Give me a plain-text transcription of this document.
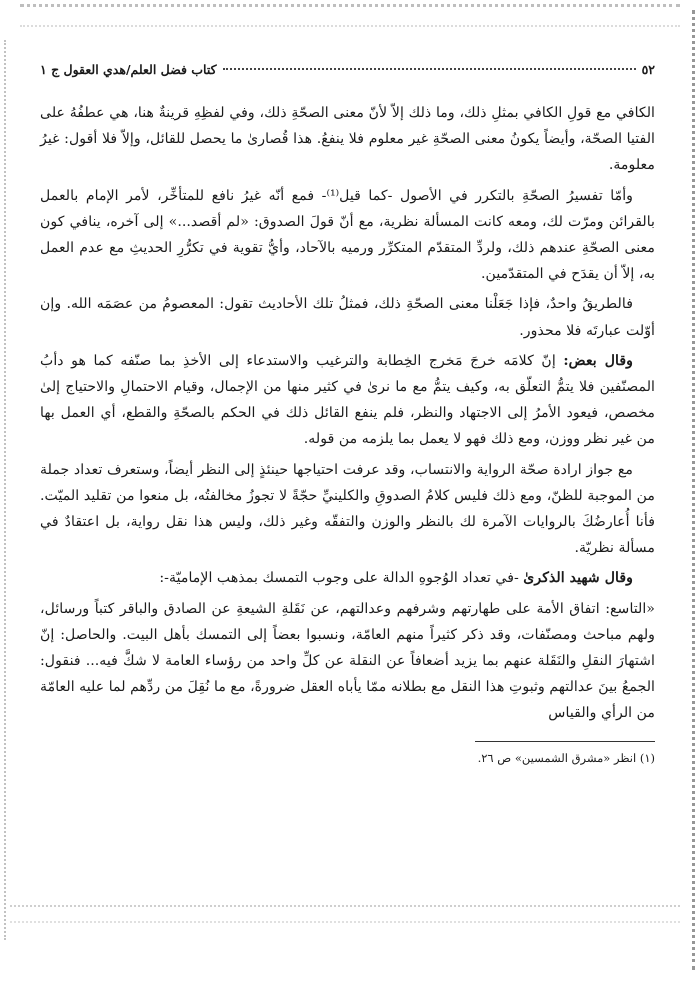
٥٢
كتاب فضل العلم/هدي العقول ج ١

الكافي مع قولِ الكافي بمثلِ ذلك، وما ذلك إلاّ لأنّ معنى الصحّةِ ذلك، وفي لفظِهِ قرينةٌ هنا، هي عطفُهُ على الفتيا الصحّة، وأيضاً يكونُ معنى الصحّةِ غير معلوم فلا ينفعُ. هذا قُصارىٰ ما يحصل للقائل، وإلاّ فلا أقول: غيرُ معلومة.

وأمّا تفسيرُ الصحّةِ بالتكرر في الأصول -كما قيل⁽¹⁾- فمع أنّه غيرُ نافع للمتأخِّر، لأمر الإمام بالعمل بالقرائن ومرّت لك، ومعه كانت المسألة نظرية، مع أنّ قولَ الصدوق: «لم أقصد...» إلى آخره، ينافي كون معنى الصحّةِ عندهم ذلك، ولردِّ المتقدّم المتكرِّر ورميه بالآحاد، وأيُّ تقوية في تكرُّرِ الحديثِ مع عدم العمل به، إلاّ أن يقدَح في المتقدّمين.

فالطريقُ واحدٌ، فإذا جَعَلْنا معنى الصحّةِ ذلك، فمثلُ تلك الأحاديث تقول: المعصومُ من عصَمَه الله. وإن أوّلت عبارتَه فلا محذور.

وقال بعض: إنّ كلامَه خرجَ مَخرج الخِطابة والترغيب والاستدعاء إلى الأخذِ بما صنّفه كما هو دأبُ المصنّفين فلا يتمُّ التعلّق به، وكيف يتمُّ مع ما نرىٰ في كثير منها من الإجمال، وقيام الاحتمالِ والاحتياج إلىٰ مخصص، فيعود الأمرُ إلى الاجتهاد والنظر، فلم ينفع القائل ذلك في الحكم بالصحّةِ والقطع، أي العمل بها من غير نظر ووزن، ومع ذلك فهو لا يعمل بما يلزمه من قوله.

مع جواز ارادة صحّة الرواية والانتساب، وقد عرفت احتياجها حينئذٍ إلى النظر أيضاً، وستعرف تعداد جملة من الموجبة للظنّ، ومع ذلك فليس كلامُ الصدوقِ والكلينيِّ حجّةً لا تجوزُ مخالفتُه، بل منعوا من تقليد الميّت. فأنا أُعارضُكَ بالروايات الآمرة لك بالنظر والوزن والتفقّه وغير ذلك، وليس هذا نقل رواية، بل اعتقادٌ في مسألة نظريّة.

وقال شهيد الذكرىٰ -في تعداد الوُجوهِ الدالة على وجوب التمسك بمذهب الإماميّة-:

«التاسع: اتفاق الأمة على طهارتهم وشرفهم وعدالتهم، عن نَقَلةِ الشيعةِ عن الصادق والباقر كتباً ورسائل، ولهم مباحث ومصنّفات، وقد ذكر كثيراً منهم العامّة، ونسبوا بعضاً إلى التمسك بأهل البيت. والحاصل: إنّ اشتهارَ النقلِ والنَقَلة عنهم بما يزيد أضعافاً عن النقلة عن كلِّ واحد من رؤساء العامة لا شكَّ فيه... فنقول: الجمعُ بينَ عدالتهم وثبوتِ هذا النقل مع بطلانه ممّا يأباه العقل ضرورةً، مع ما نُقِلَ من ردِّهم لما عليه العامّة من الرأي والقياس

(١) انظر «مشرق الشمسين» ص ٢٦.
